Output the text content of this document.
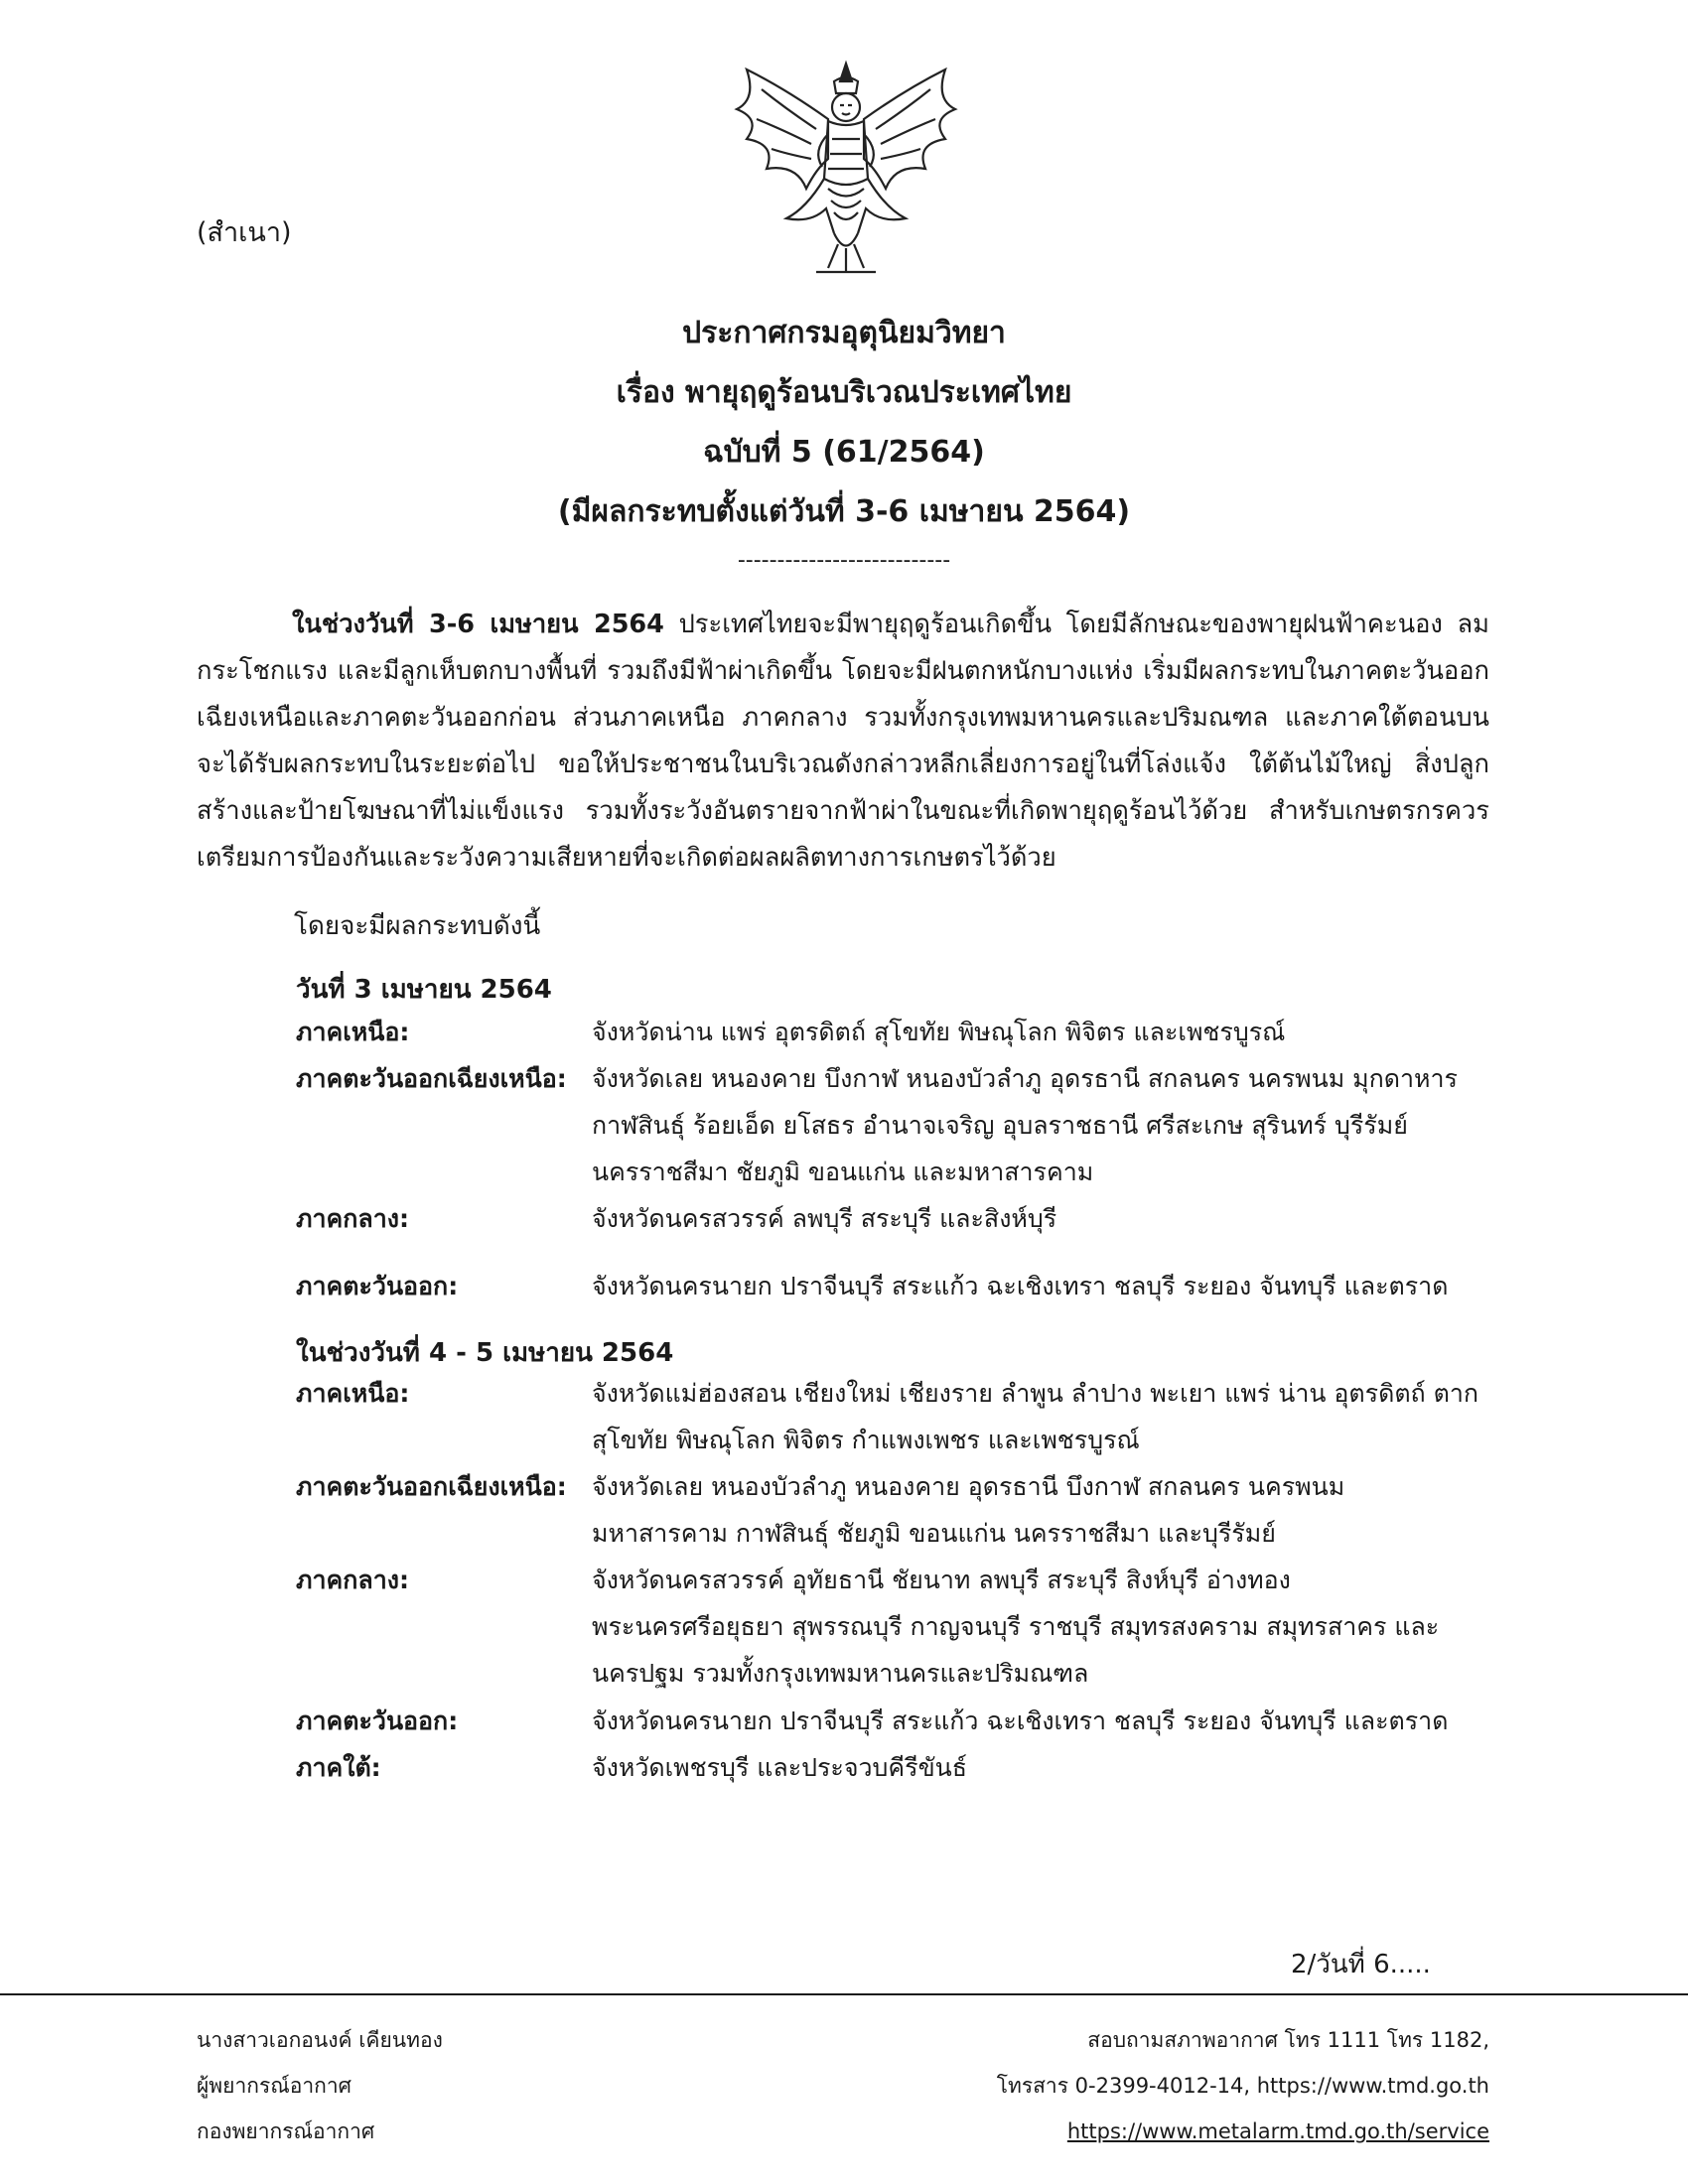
(สำเนา)
ประกาศกรมอุตุนิยมวิทยา
เรื่อง พายุฤดูร้อนบริเวณประเทศไทย
ฉบับที่ 5 (61/2564)
(มีผลกระทบตั้งแต่วันที่ 3-6 เมษายน 2564)
---------------------------
ในช่วงวันที่ 3-6 เมษายน 2564 ประเทศไทยจะมีพายุฤดูร้อนเกิดขึ้น โดยมีลักษณะของพายุฝนฟ้าคะนอง ลมกระโชกแรง และมีลูกเห็บตกบางพื้นที่ รวมถึงมีฟ้าผ่าเกิดขึ้น โดยจะมีฝนตกหนักบางแห่ง เริ่มมีผลกระทบในภาคตะวันออกเฉียงเหนือและภาคตะวันออกก่อน ส่วนภาคเหนือ ภาคกลาง รวมทั้งกรุงเทพมหานครและปริมณฑล และภาคใต้ตอนบน จะได้รับผลกระทบในระยะต่อไป ขอให้ประชาชนในบริเวณดังกล่าวหลีกเลี่ยงการอยู่ในที่โล่งแจ้ง ใต้ต้นไม้ใหญ่ สิ่งปลูกสร้างและป้ายโฆษณาที่ไม่แข็งแรง รวมทั้งระวังอันตรายจากฟ้าผ่าในขณะที่เกิดพายุฤดูร้อนไว้ด้วย สำหรับเกษตรกรควรเตรียมการป้องกันและระวังความเสียหายที่จะเกิดต่อผลผลิตทางการเกษตรไว้ด้วย
โดยจะมีผลกระทบดังนี้
วันที่ 3 เมษายน 2564
ภาคเหนือ:	จังหวัดน่าน แพร่ อุตรดิตถ์ สุโขทัย พิษณุโลก พิจิตร และเพชรบูรณ์
ภาคตะวันออกเฉียงเหนือ:	จังหวัดเลย หนองคาย บึงกาฬ หนองบัวลำภู อุดรธานี สกลนคร นครพนม มุกดาหาร กาฬสินธุ์ ร้อยเอ็ด ยโสธร อำนาจเจริญ อุบลราชธานี ศรีสะเกษ สุรินทร์ บุรีรัมย์ นครราชสีมา ชัยภูมิ ขอนแก่น และมหาสารคาม
ภาคกลาง:	จังหวัดนครสวรรค์ ลพบุรี สระบุรี และสิงห์บุรี
ภาคตะวันออก:	จังหวัดนครนายก ปราจีนบุรี สระแก้ว ฉะเชิงเทรา ชลบุรี ระยอง จันทบุรี และตราด
ในช่วงวันที่ 4 - 5 เมษายน 2564
ภาคเหนือ:	จังหวัดแม่ฮ่องสอน เชียงใหม่ เชียงราย ลำพูน ลำปาง พะเยา แพร่ น่าน อุตรดิตถ์ ตาก สุโขทัย พิษณุโลก พิจิตร กำแพงเพชร และเพชรบูรณ์
ภาคตะวันออกเฉียงเหนือ:	จังหวัดเลย หนองบัวลำภู หนองคาย อุดรธานี บึงกาฬ สกลนคร นครพนม มหาสารคาม กาฬสินธุ์ ชัยภูมิ ขอนแก่น นครราชสีมา และบุรีรัมย์
ภาคกลาง:	จังหวัดนครสวรรค์ อุทัยธานี ชัยนาท ลพบุรี สระบุรี สิงห์บุรี อ่างทอง พระนครศรีอยุธยา สุพรรณบุรี กาญจนบุรี ราชบุรี สมุทรสงคราม สมุทรสาคร และนครปฐม รวมทั้งกรุงเทพมหานครและปริมณฑล
ภาคตะวันออก:	จังหวัดนครนายก ปราจีนบุรี สระแก้ว ฉะเชิงเทรา ชลบุรี ระยอง จันทบุรี และตราด
ภาคใต้:	จังหวัดเพชรบุรี และประจวบคีรีขันธ์
2/วันที่ 6.....
นางสาวเอกอนงค์ เคียนทอง
ผู้พยากรณ์อากาศ
กองพยากรณ์อากาศ
สอบถามสภาพอากาศ โทร 1111 โทร 1182,
โทรสาร 0-2399-4012-14, https://www.tmd.go.th
https://www.metalarm.tmd.go.th/service
